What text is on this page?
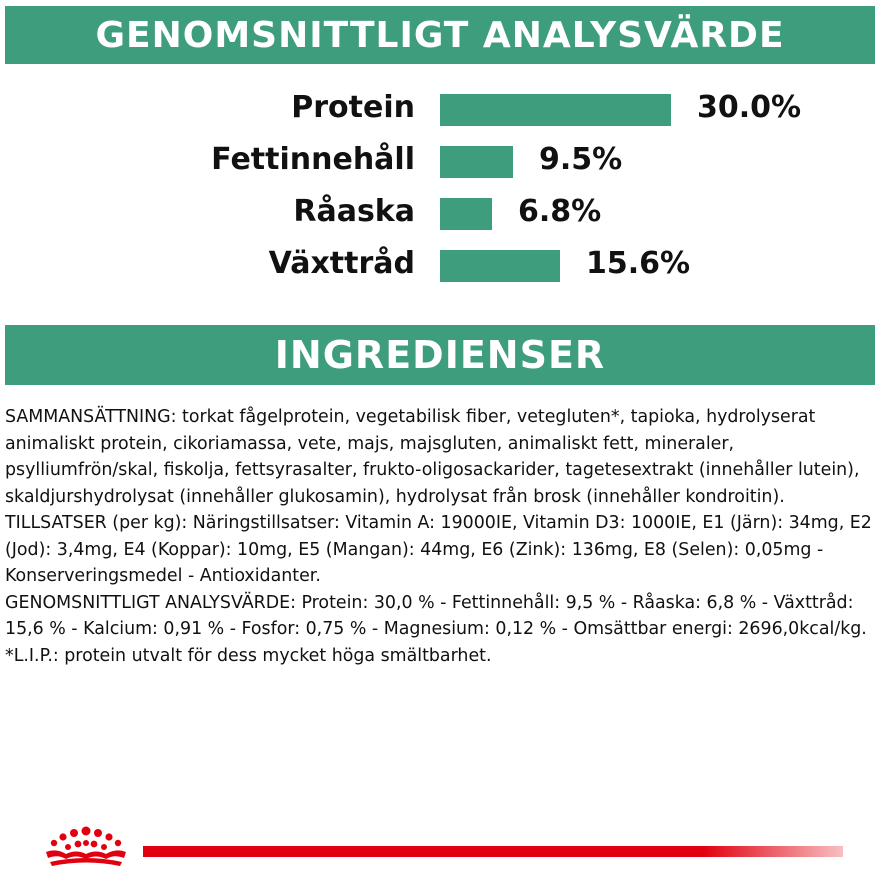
GENOMSNITTLIGT ANALYSVÄRDE
Protein	30.0%
Fettinnehåll	9.5%
Råaska	6.8%
Växttråd	15.6%
INGREDIENSER

SAMMANSÄTTNING: torkat fågelprotein, vegetabilisk fiber, vetegluten*, tapioka, hydrolyserat animaliskt protein, cikoriamassa, vete, majs, majsgluten, animaliskt fett, mineraler, psylliumfrön/skal, fiskolja, fettsyrasalter, frukto-oligosackarider, tagetesextrakt (innehåller lutein), skaldjurshydrolysat (innehåller glukosamin), hydrolysat från brosk (innehåller kondroitin).

TILLSATSER (per kg): Näringstillsatser: Vitamin A: 19000IE, Vitamin D3: 1000IE, E1 (Järn): 34mg, E2 (Jod): 3,4mg, E4 (Koppar): 10mg, E5 (Mangan): 44mg, E6 (Zink): 136mg, E8 (Selen): 0,05mg - Konserveringsmedel - Antioxidanter.

GENOMSNITTLIGT ANALYSVÄRDE: Protein: 30,0 % - Fettinnehåll: 9,5 % - Råaska: 6,8 % - Växttråd: 15,6 % - Kalcium: 0,91 % - Fosfor: 0,75 % - Magnesium: 0,12 % - Omsättbar energi: 2696,0kcal/kg.

*L.I.P.: protein utvalt för dess mycket höga smältbarhet.
